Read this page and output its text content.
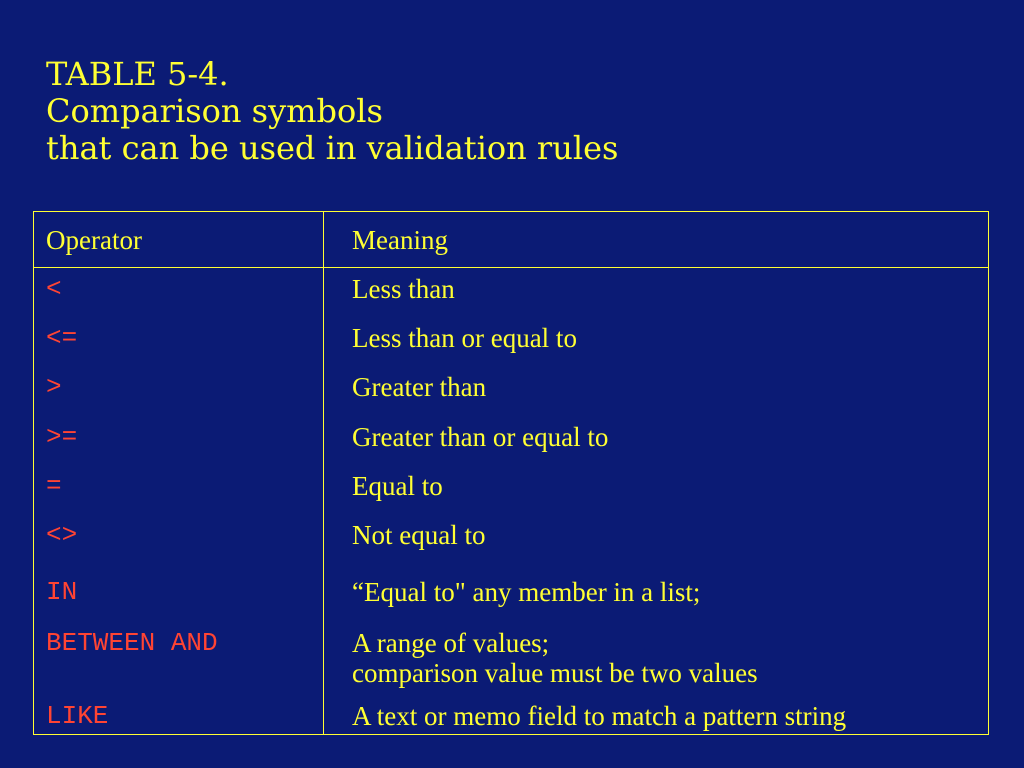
TABLE 5-4.
Comparison symbols
that can be used in validation rules
Operator	Meaning
<	Less than
<=	Less than or equal to
>	Greater than
>=	Greater than or equal to
=	Equal to
<>	Not equal to
IN	“Equal to" any member in a list;
BETWEEN AND	A range of values;
comparison value must be two values
LIKE	A text or memo field to match a pattern string
